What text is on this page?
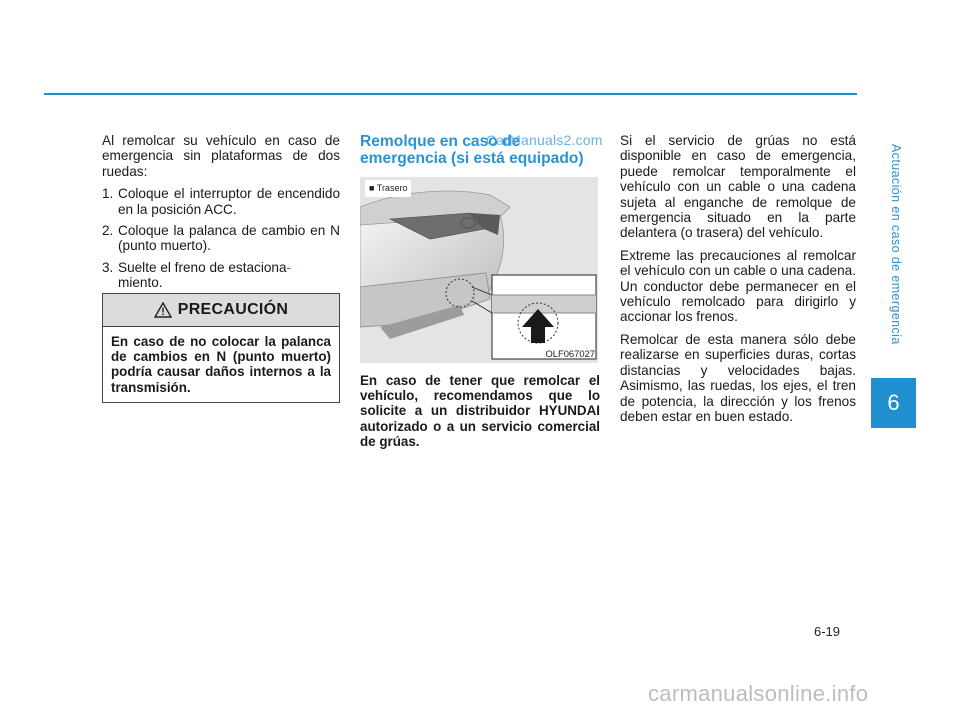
Al remolcar su vehículo en caso de emergencia sin plataformas de dos ruedas:

1. Coloque el interruptor de encendido en la posición ACC.
2. Coloque la palanca de cambio en N (punto muerto).
3. Suelte el freno de estaciona-
miento.
PRECAUCIÓN
En caso de no colocar la palanca de cambios en N (punto muerto) podría causar daños internos a la transmisión.
Remolque en caso de emergencia (si está equipado)
■ Trasero
OLF067027
En caso de tener que remolcar el vehículo, recomendamos que lo solicite a un distribuidor HYUNDAI autorizado o a un servicio comercial de grúas.
CarManuals2.com Si el servicio de grúas no está disponible en caso de emergencia, puede remolcar temporalmente el vehículo con un cable o una cadena sujeta al enganche de remolque de emergencia situado en la parte delantera (o trasera) del vehículo.

Extreme las precauciones al remolcar el vehículo con un cable o una cadena. Un conductor debe permanecer en el vehículo remolcado para dirigirlo y accionar los frenos.

Remolcar de esta manera sólo debe realizarse en superficies duras, cortas distancias y velocidades bajas. Asimismo, las ruedas, los ejes, el tren de potencia, la dirección y los frenos deben estar en buen estado.

Actuación en caso de emergencia
6
6-19
carmanualsonline.info
